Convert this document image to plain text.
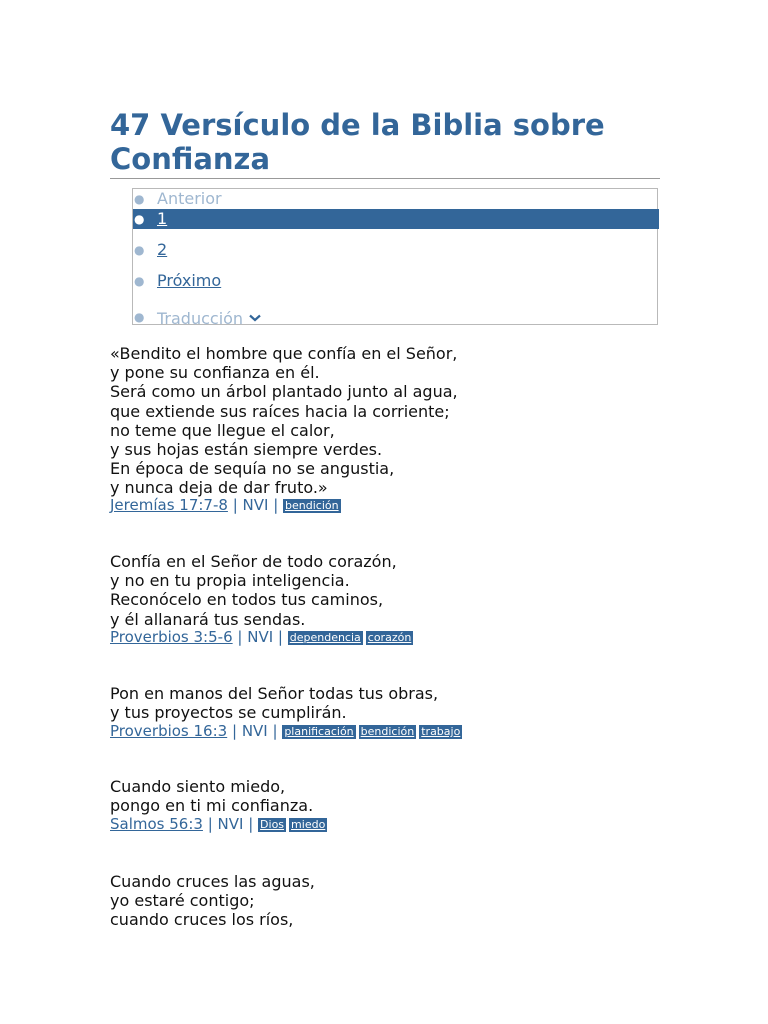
47 Versículo de la Biblia sobre Confianza
● Anterior
● 1
● 2
● Próximo
● Traducción

«Bendito el hombre que confía en el Señor,
y pone su confianza en él.
Será como un árbol plantado junto al agua,
que extiende sus raíces hacia la corriente;
no teme que llegue el calor,
y sus hojas están siempre verdes.
En época de sequía no se angustia,
y nunca deja de dar fruto.»

Jeremías 17:7-8 | NVI | bendición

Confía en el Señor de todo corazón,
y no en tu propia inteligencia.
Reconócelo en todos tus caminos,
y él allanará tus sendas.

Proverbios 3:5-6 | NVI | dependencia corazón

Pon en manos del Señor todas tus obras,
y tus proyectos se cumplirán.

Proverbios 16:3 | NVI | planificación bendición trabajo

Cuando siento miedo,
pongo en ti mi confianza.

Salmos 56:3 | NVI | Dios miedo

Cuando cruces las aguas,
yo estaré contigo;
cuando cruces los ríos,
